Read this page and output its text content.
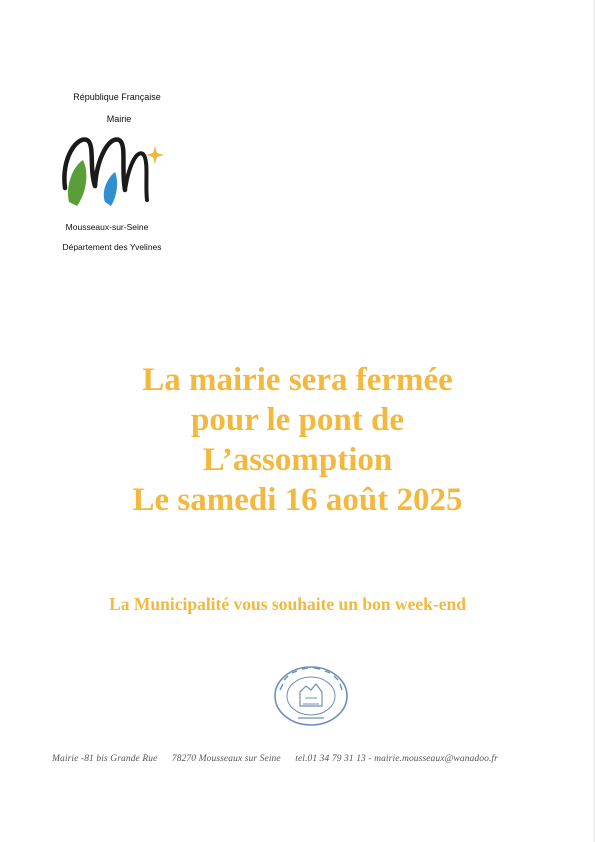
République Française
Mairie
Mousseaux-sur-Seine
Département des Yvelines
La mairie sera fermée
pour le pont de
L’assomption
Le samedi 16 août 2025
La Municipalité vous souhaite un bon week-end
Mairie -81 bis Grande Rue 78270 Mousseaux sur Seine tel.01 34 79 31 13 - mairie.mousseaux@wanadoo.fr
